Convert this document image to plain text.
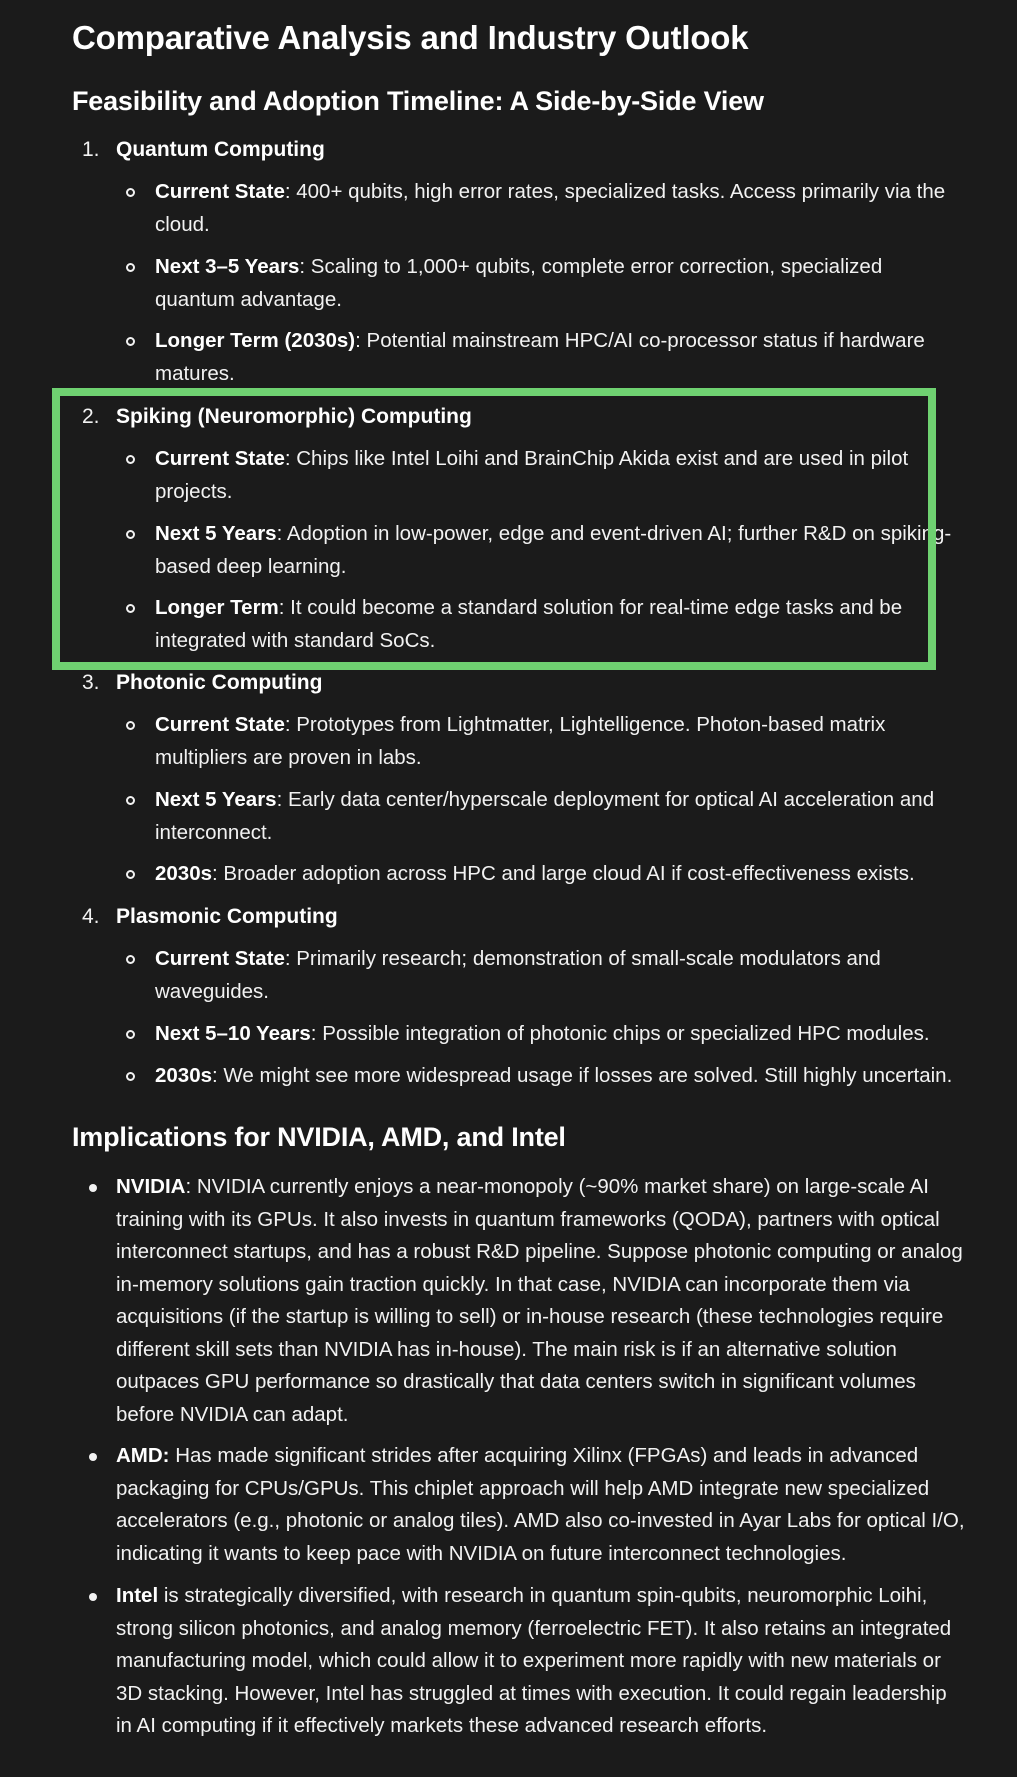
Comparative Analysis and Industry Outlook
Feasibility and Adoption Timeline: A Side-by-Side View
1. Quantum Computing
Current State: 400+ qubits, high error rates, specialized tasks. Access primarily via the cloud.
Next 3–5 Years: Scaling to 1,000+ qubits, complete error correction, specialized quantum advantage.
Longer Term (2030s): Potential mainstream HPC/AI co-processor status if hardware matures.
2. Spiking (Neuromorphic) Computing
Current State: Chips like Intel Loihi and BrainChip Akida exist and are used in pilot projects.
Next 5 Years: Adoption in low-power, edge and event-driven AI; further R&D on spiking-based deep learning.
Longer Term: It could become a standard solution for real-time edge tasks and be integrated with standard SoCs.
3. Photonic Computing
Current State: Prototypes from Lightmatter, Lightelligence. Photon-based matrix multipliers are proven in labs.
Next 5 Years: Early data center/hyperscale deployment for optical AI acceleration and interconnect.
2030s: Broader adoption across HPC and large cloud AI if cost-effectiveness exists.
4. Plasmonic Computing
Current State: Primarily research; demonstration of small-scale modulators and waveguides.
Next 5–10 Years: Possible integration of photonic chips or specialized HPC modules.
2030s: We might see more widespread usage if losses are solved. Still highly uncertain.
Implications for NVIDIA, AMD, and Intel
NVIDIA: NVIDIA currently enjoys a near-monopoly (~90% market share) on large-scale AI training with its GPUs. It also invests in quantum frameworks (QODA), partners with optical interconnect startups, and has a robust R&D pipeline. Suppose photonic computing or analog in-memory solutions gain traction quickly. In that case, NVIDIA can incorporate them via acquisitions (if the startup is willing to sell) or in-house research (these technologies require different skill sets than NVIDIA has in-house). The main risk is if an alternative solution outpaces GPU performance so drastically that data centers switch in significant volumes before NVIDIA can adapt.
AMD: Has made significant strides after acquiring Xilinx (FPGAs) and leads in advanced packaging for CPUs/GPUs. This chiplet approach will help AMD integrate new specialized accelerators (e.g., photonic or analog tiles). AMD also co-invested in Ayar Labs for optical I/O, indicating it wants to keep pace with NVIDIA on future interconnect technologies.
Intel is strategically diversified, with research in quantum spin-qubits, neuromorphic Loihi, strong silicon photonics, and analog memory (ferroelectric FET). It also retains an integrated manufacturing model, which could allow it to experiment more rapidly with new materials or 3D stacking. However, Intel has struggled at times with execution. It could regain leadership in AI computing if it effectively markets these advanced research efforts.
